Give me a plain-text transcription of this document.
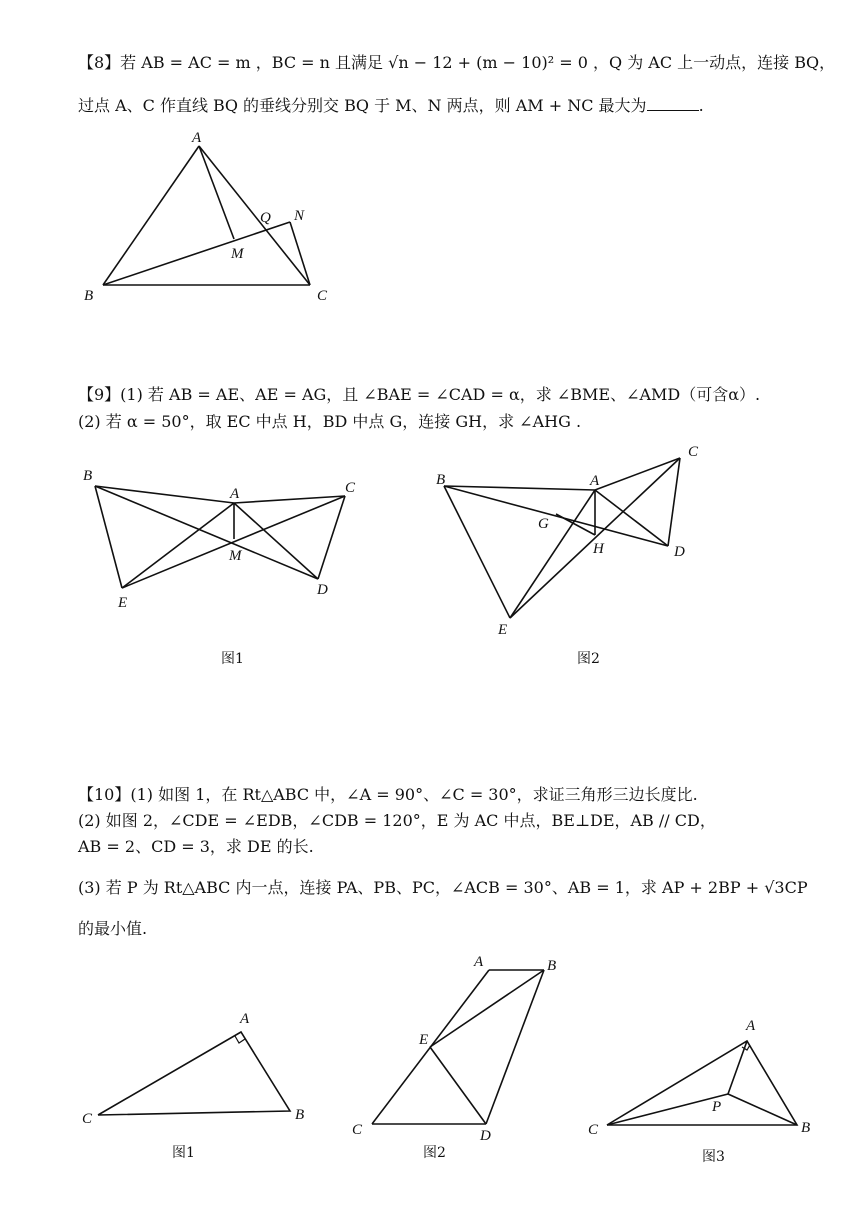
【8】若 AB = AC = m ，BC = n 且满足 √n − 12 + (m − 10)² = 0 ，Q 为 AC 上一动点，连接 BQ，
过点 A、C 作直线 BQ 的垂线分别交 BQ 于 M、N 两点，则 AM + NC 最大为	.
A
B	C
M
Q N
【9】(1) 若 AB = AE、AE = AG，且 ∠BAE = ∠CAD = α，求 ∠BME、∠AMD（可含α）.
(2) 若 α = 50°，取 EC 中点 H，BD 中点 G，连接 GH，求 ∠AHG .
B
A	C
M
E
D
图1
B	A
C
G
H	D
E
图2
【10】(1) 如图 1，在 Rt△ABC 中，∠A = 90°、∠C = 30°，求证三角形三边长度比.
(2) 如图 2，∠CDE = ∠EDB，∠CDB = 120°，E 为 AC 中点，BE⊥DE，AB // CD，
AB = 2、CD = 3，求 DE 的长.
(3) 若 P 为 Rt△ABC 内一点，连接 PA、PB、PC，∠ACB = 30°、AB = 1，求 AP + 2BP + √3CP
的最小值.
A
C	B
图1
A	B
E
C	D
图2
A
P
C	B
图3
